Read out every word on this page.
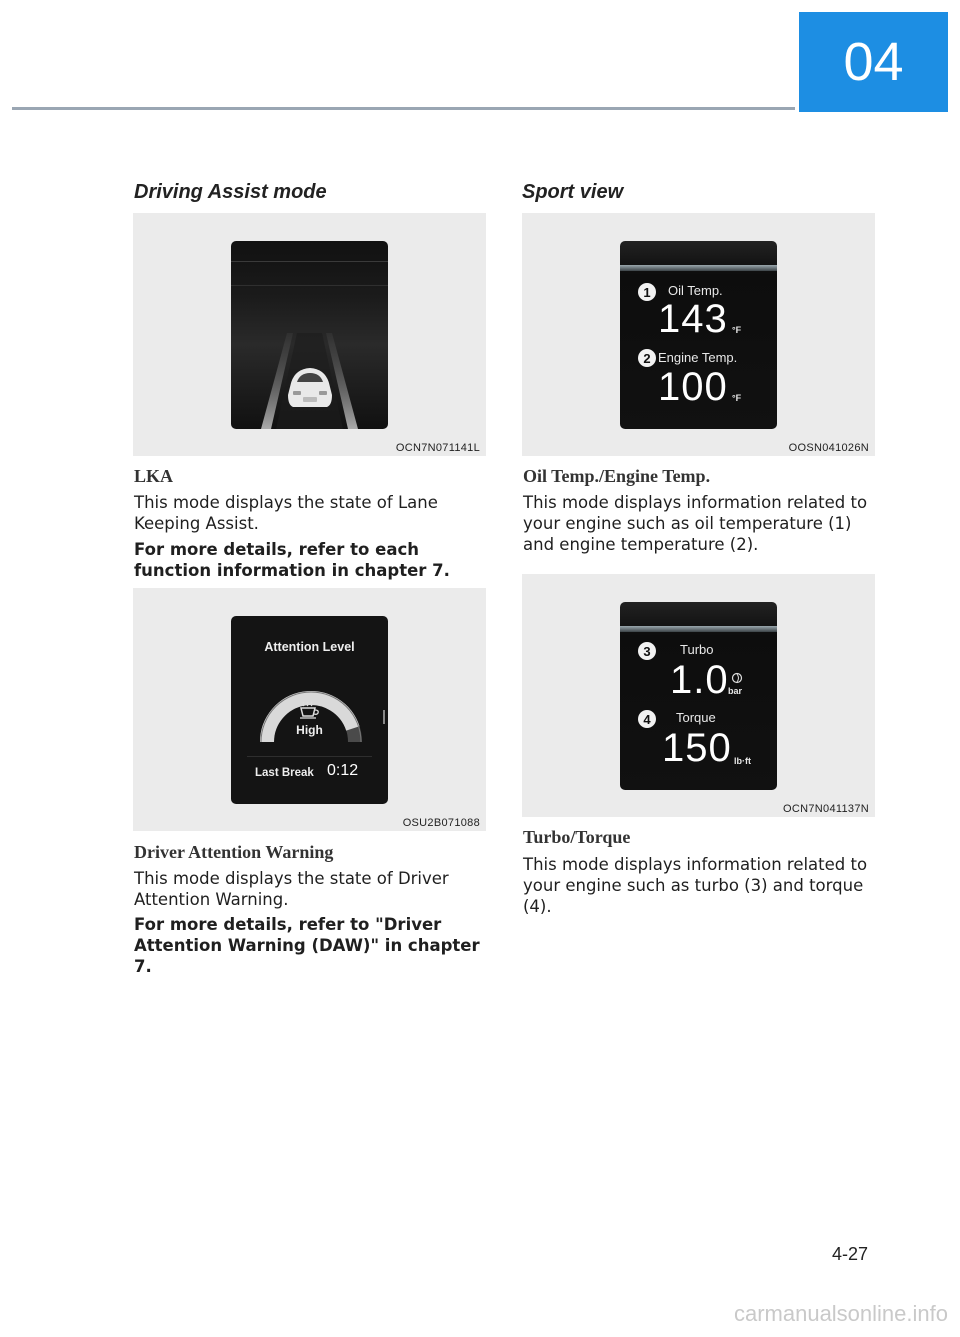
04
Driving Assist mode
OCN7N071141L
LKA
This mode displays the state of Lane Keeping Assist.
For more details, refer to each function information in chapter 7.
Attention Level
High
Last Break 0:12
OSU2B071088
Driver Attention Warning
This mode displays the state of Driver Attention Warning.
For more details, refer to "Driver Attention Warning (DAW)" in chapter 7.
Sport view
1	Oil Temp.
143 °F
2 Engine Temp.
100 °F
OOSN041026N
Oil Temp./Engine Temp.
This mode displays information related to your engine such as oil temperature (1) and engine temperature (2).
3	Turbo
1.0 bar
4	Torque
150 lb·ft
OCN7N041137N
Turbo/Torque
This mode displays information related to your engine such as turbo (3) and torque (4).
4-27
carmanualsonline.info
